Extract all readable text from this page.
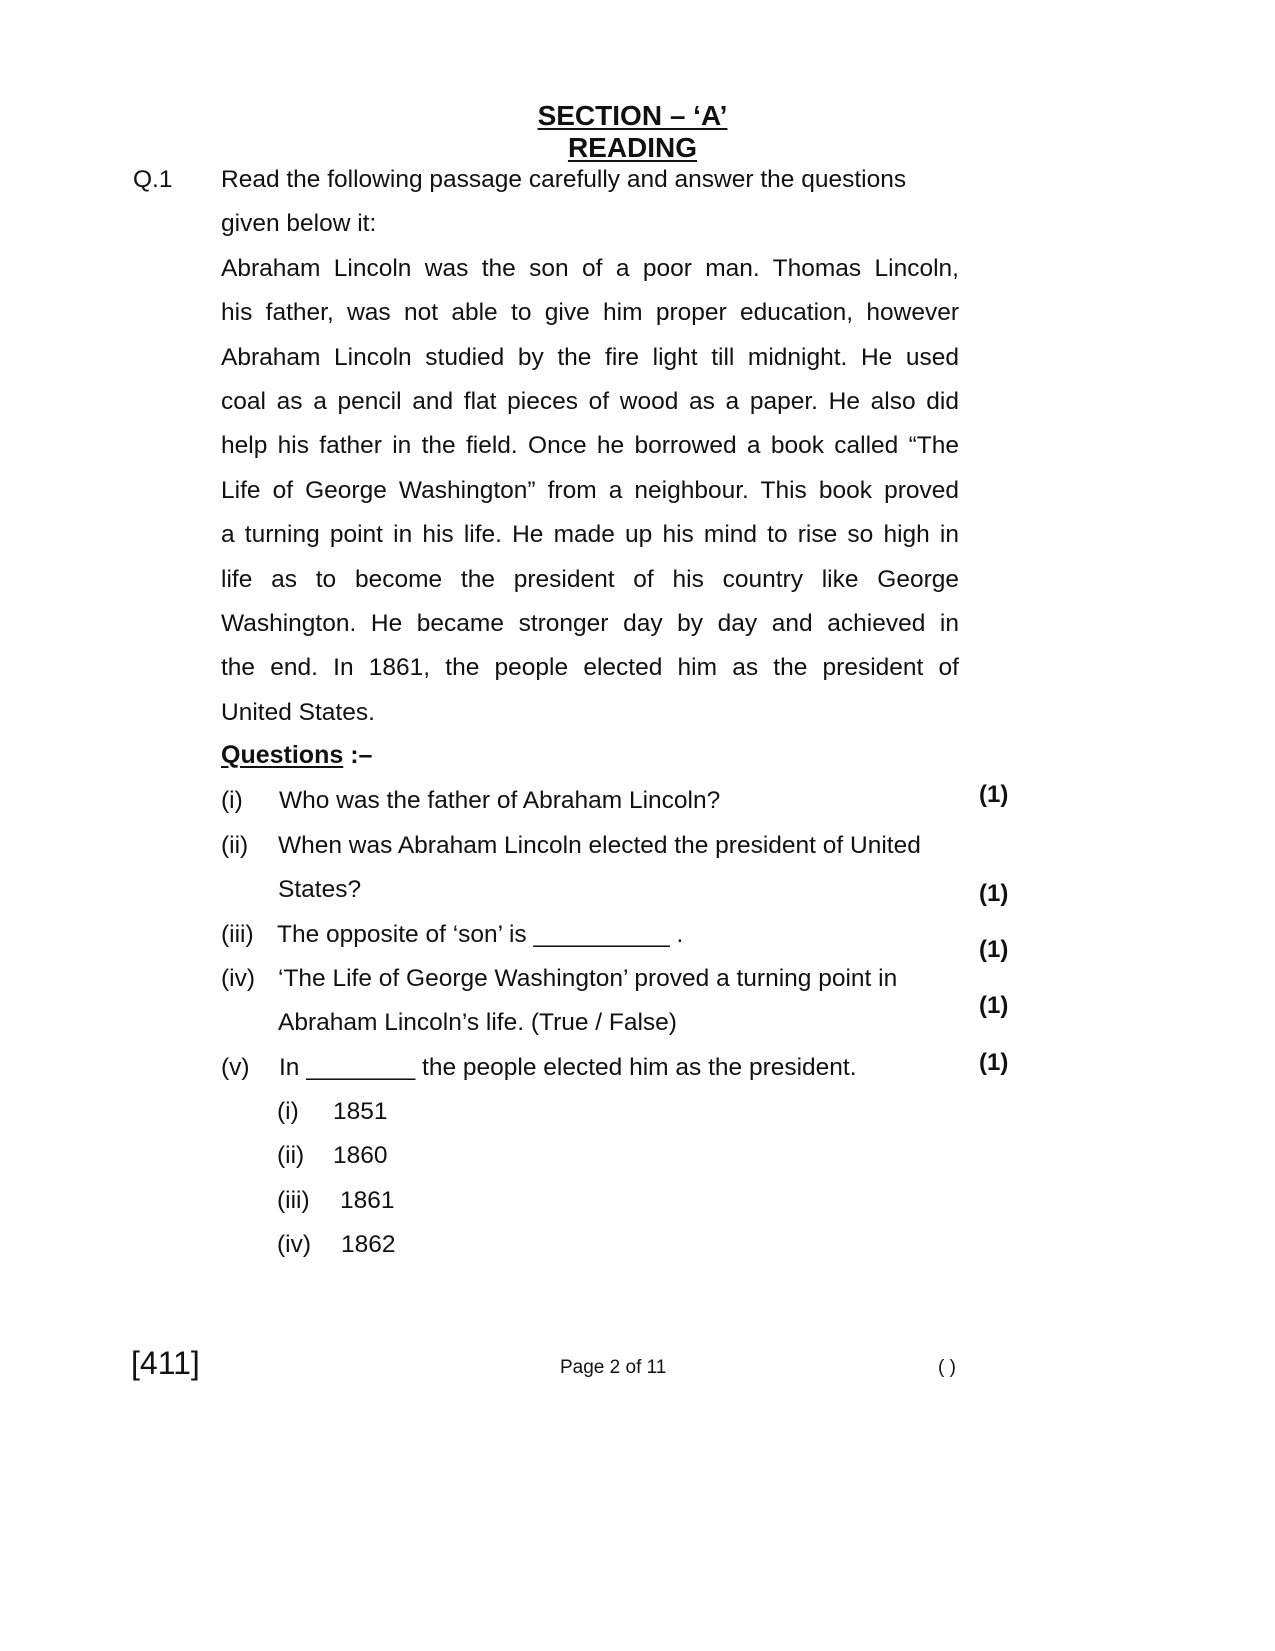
SECTION – ‘A’
READING
Q.1 Read the following passage carefully and answer the questions
given below it:
Abraham Lincoln was the son of a poor man. Thomas Lincoln,
his father, was not able to give him proper education, however
Abraham Lincoln studied by the fire light till midnight. He used
coal as a pencil and flat pieces of wood as a paper. He also did
help his father in the field. Once he borrowed a book called “The
Life of George Washington” from a neighbour. This book proved
a turning point in his life. He made up his mind to rise so high in
life as to become the president of his country like George
Washington. He became stronger day by day and achieved in
the end. In 1861, the people elected him as the president of
United States.
Questions :–
(i) Who was the father of Abraham Lincoln?	(1)
(ii) When was Abraham Lincoln elected the president of United
States?	(1)
(iii) The opposite of ‘son’ is __________ .
(1)
(iv) ‘The Life of George Washington’ proved a turning point in
Abraham Lincoln’s life. (True / False)
(1)
(v) In ________ the people elected him as the president.	(1)
(i) 1851
(ii) 1860
(iii) 1861
(iv) 1862
[411]	Page 2 of 11	( )
